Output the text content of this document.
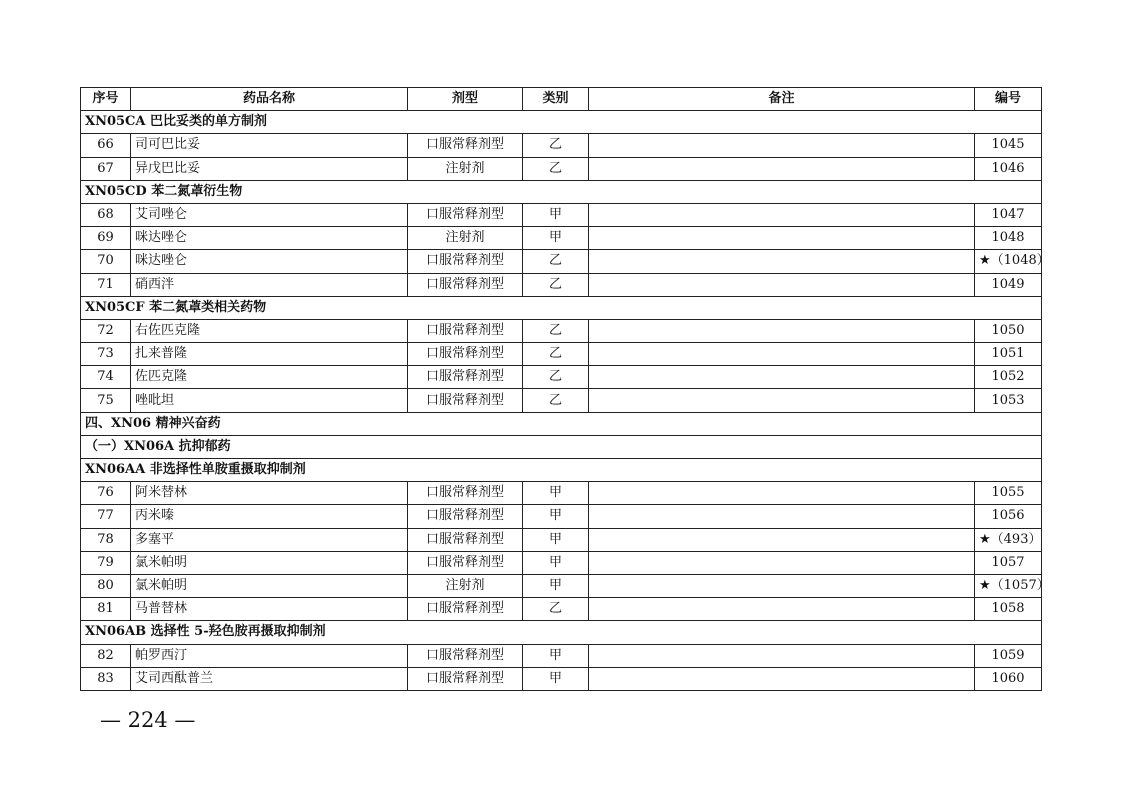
序号	药品名称	剂型	类别	备注	编号
XN05CA 巴比妥类的单方制剂					
66	司可巴比妥	口服常释剂型	乙		1045
67	异戊巴比妥	注射剂	乙		1046
XN05CD 苯二氮䓬衍生物					
68	艾司唑仑	口服常释剂型	甲		1047
69	咪达唑仑	注射剂	甲		1048
70	咪达唑仑	口服常释剂型	乙		★（1048）
71	硝西泮	口服常释剂型	乙		1049
XN05CF 苯二氮䓬类相关药物					
72	右佐匹克隆	口服常释剂型	乙		1050
73	扎来普隆	口服常释剂型	乙		1051
74	佐匹克隆	口服常释剂型	乙		1052
75	唑吡坦	口服常释剂型	乙		1053
四、XN06 精神兴奋药					
（一）XN06A 抗抑郁药					
XN06AA 非选择性单胺重摄取抑制剂					
76	阿米替林	口服常释剂型	甲		1055
77	丙米嗪	口服常释剂型	甲		1056
78	多塞平	口服常释剂型	甲		★（493）
79	氯米帕明	口服常释剂型	甲		1057
80	氯米帕明	注射剂	甲		★（1057）
81	马普替林	口服常释剂型	乙		1058
XN06AB 选择性 5-羟色胺再摄取抑制剂					
82	帕罗西汀	口服常释剂型	甲		1059
83	艾司西酞普兰	口服常释剂型	甲		1060
— 224 —
